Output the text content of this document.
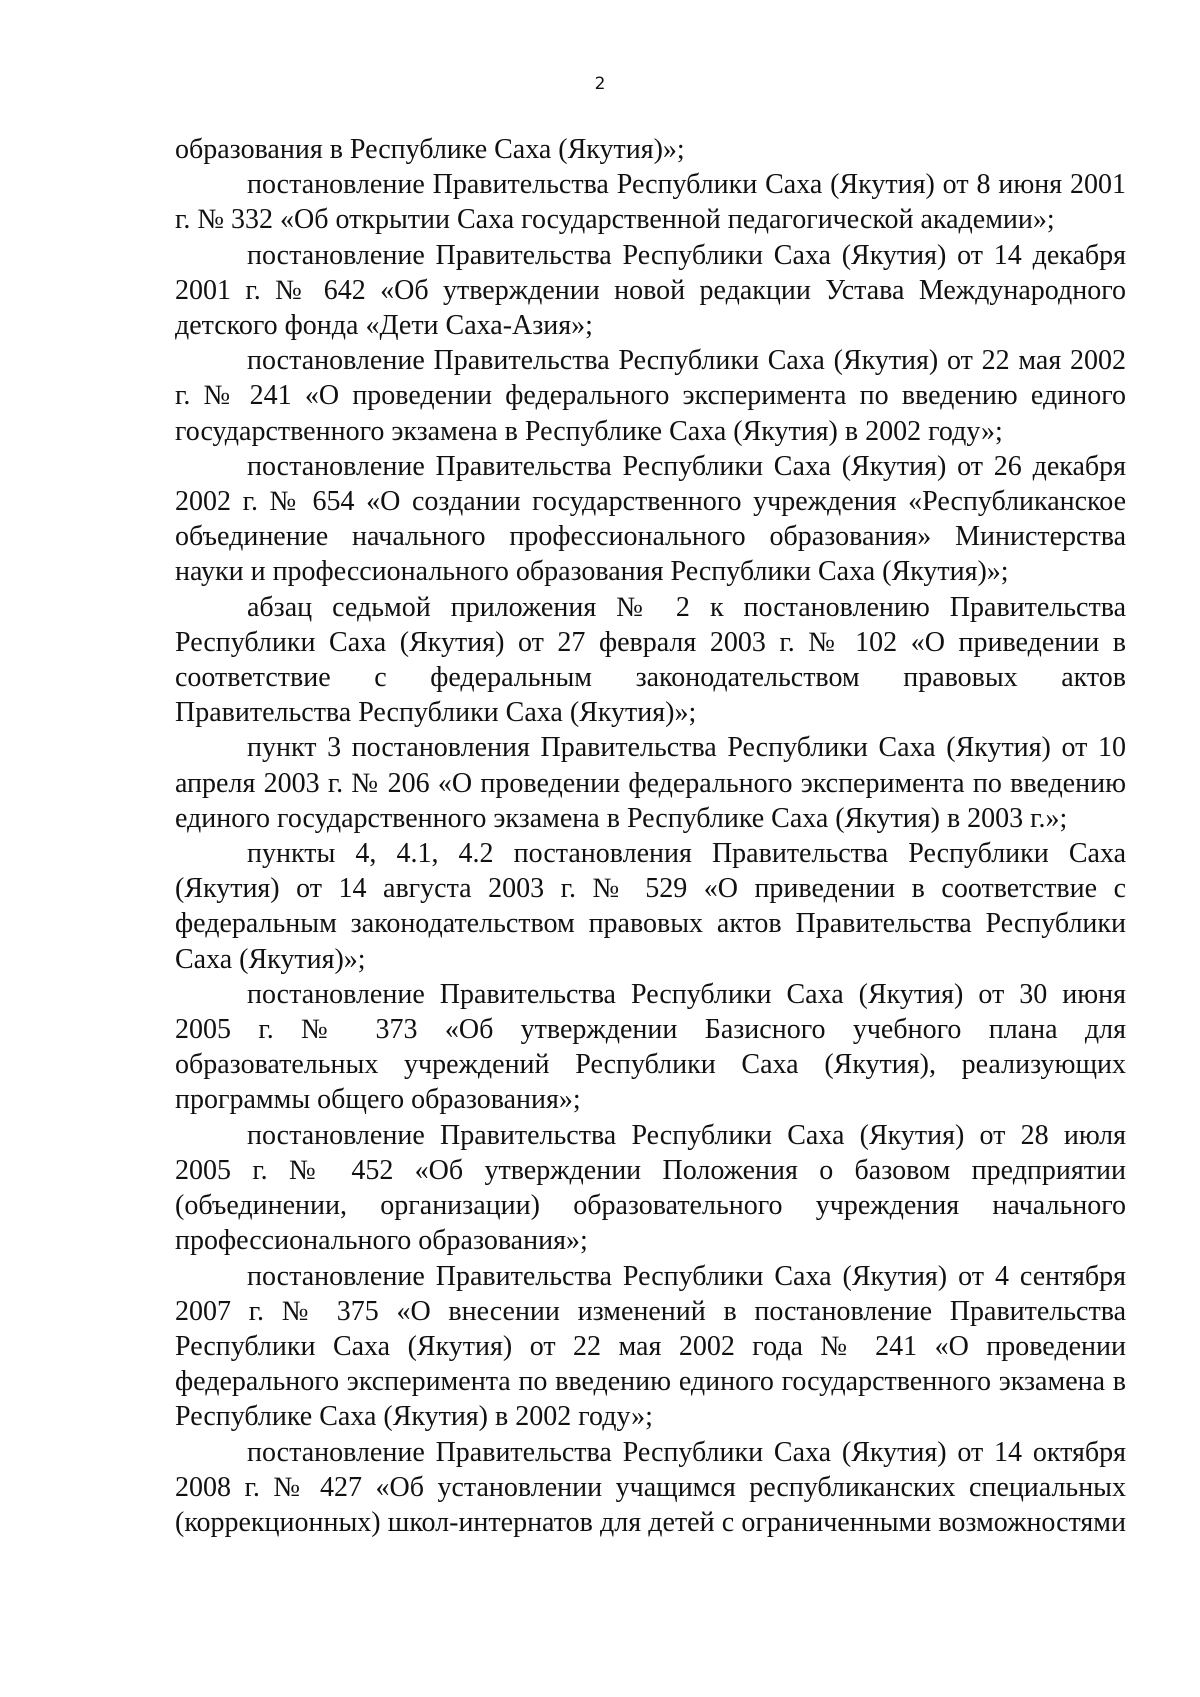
2

образования в Республике Саха (Якутия)»;

постановление Правительства Республики Саха (Якутия) от 8 июня 2001 г. № 332 «Об открытии Саха государственной педагогической академии»;

постановление Правительства Республики Саха (Якутия) от 14 декабря 2001 г. № 642 «Об утверждении новой редакции Устава Международного детского фонда «Дети Саха-Азия»;

постановление Правительства Республики Саха (Якутия) от 22 мая 2002 г. № 241 «О проведении федерального эксперимента по введению единого государственного экзамена в Республике Саха (Якутия) в 2002 году»;

постановление Правительства Республики Саха (Якутия) от 26 декабря 2002 г. № 654 «О создании государственного учреждения «Республиканское объединение начального профессионального образования» Министерства науки и профессионального образования Республики Саха (Якутия)»;

абзац седьмой приложения № 2 к постановлению Правительства Республики Саха (Якутия) от 27 февраля 2003 г. № 102 «О приведении в соответствие с федеральным законодательством правовых актов Правительства Республики Саха (Якутия)»;

пункт 3 постановления Правительства Республики Саха (Якутия) от 10 апреля 2003 г. № 206 «О проведении федерального эксперимента по введению единого государственного экзамена в Республике Саха (Якутия) в 2003 г.»;

пункты 4, 4.1, 4.2 постановления Правительства Республики Саха (Якутия) от 14 августа 2003 г. № 529 «О приведении в соответствие с федеральным законодательством правовых актов Правительства Республики Саха (Якутия)»;

постановление Правительства Республики Саха (Якутия) от 30 июня 2005 г. № 373 «Об утверждении Базисного учебного плана для образовательных учреждений Республики Саха (Якутия), реализующих программы общего образования»;

постановление Правительства Республики Саха (Якутия) от 28 июля 2005 г. № 452 «Об утверждении Положения о базовом предприятии (объединении, организации) образовательного учреждения начального профессионального образования»;

постановление Правительства Республики Саха (Якутия) от 4 сентября 2007 г. № 375 «О внесении изменений в постановление Правительства Республики Саха (Якутия) от 22 мая 2002 года № 241 «О проведении федерального эксперимента по введению единого государственного экзамена в Республике Саха (Якутия) в 2002 году»;

постановление Правительства Республики Саха (Якутия) от 14 октября 2008 г. № 427 «Об установлении учащимся республиканских специальных (коррекционных) школ-интернатов для детей с ограниченными возможностями
